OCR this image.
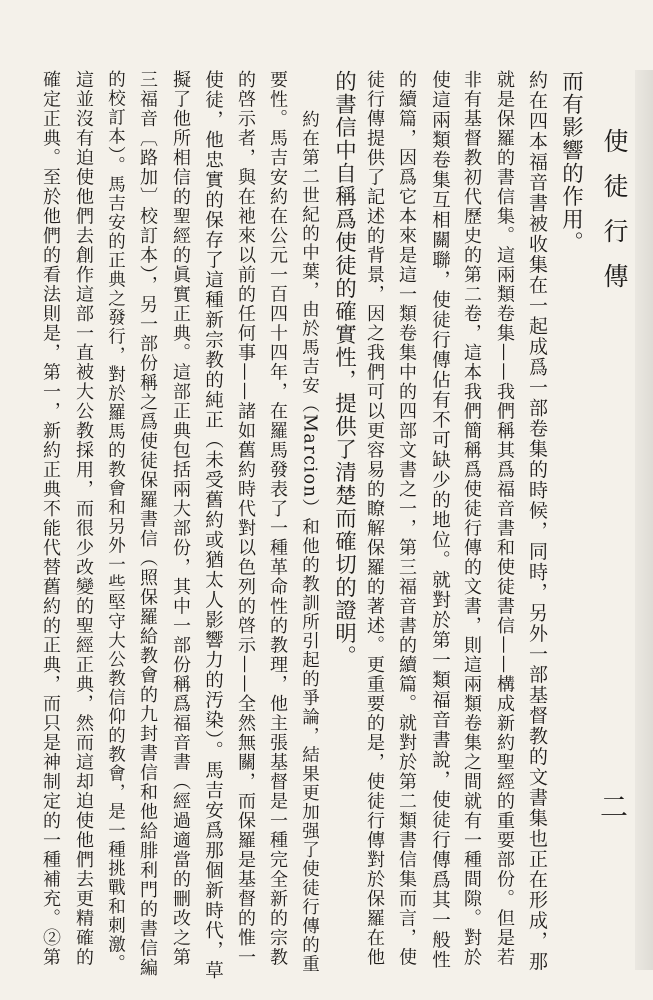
使徒行傳
二
而有影響的作用。
約在四本福音書被收集在一起成爲一部卷集的時候，同時，另外一部基督教的文書集也正在形成，那
就是保羅的書信集。這兩類卷集——我們稱其爲福音書和使徒書信——構成新約聖經的重要部份。但是若
非有基督教初代歷史的第二卷，這本我們簡稱爲使徒行傳的文書，則這兩類卷集之間就有一種間隙。對於
使這兩類卷集互相關聯，使徒行傳佔有不可缺少的地位。就對於第一類福音書說，使徒行傳爲其一般性
的續篇，因爲它本來是這一類卷集中的四部文書之一，第三福音書的續篇。就對於第二類書信集而言，使
徒行傳提供了記述的背景，因之我們可以更容易的瞭解保羅的著述。更重要的是，使徒行傳對於保羅在他
的書信中自稱爲使徒的確實性，提供了清楚而確切的證明。
約在第二世紀的中葉，由於馬吉安（Marcion）和他的教訓所引起的爭論，結果更加强了使徒行傳的重
要性。馬吉安約在公元一百四十四年，在羅馬發表了一種革命性的教理，他主張基督是一種完全新的宗教
的啓示者，與在祂來以前的任何事——諸如舊約時代對以色列的啓示——全然無關，而保羅是基督的惟一
使徒，他忠實的保存了這種新宗教的純正（未受舊約或猶太人影響力的汚染）。馬吉安爲那個新時代，草
擬了他所相信的聖經的眞實正典。這部正典包括兩大部份，其中一部份稱爲福音書（經過適當的刪改之第
三福音〔路加〕校訂本），另一部份稱之爲使徒保羅書信（照保羅給教會的九封書信和他給腓利門的書信編
的校訂本）。馬吉安的正典之發行，對於羅馬的教會和另外一些堅守大公教信仰的教會，是一種挑戰和刺激。
這並沒有迫使他們去創作這部一直被大公教採用，而很少改變的聖經正典，然而這却迫使他們去更精確的
確定正典。至於他們的看法則是，第一，新約正典不能代替舊約的正典，而只是神制定的一種補充。②第
